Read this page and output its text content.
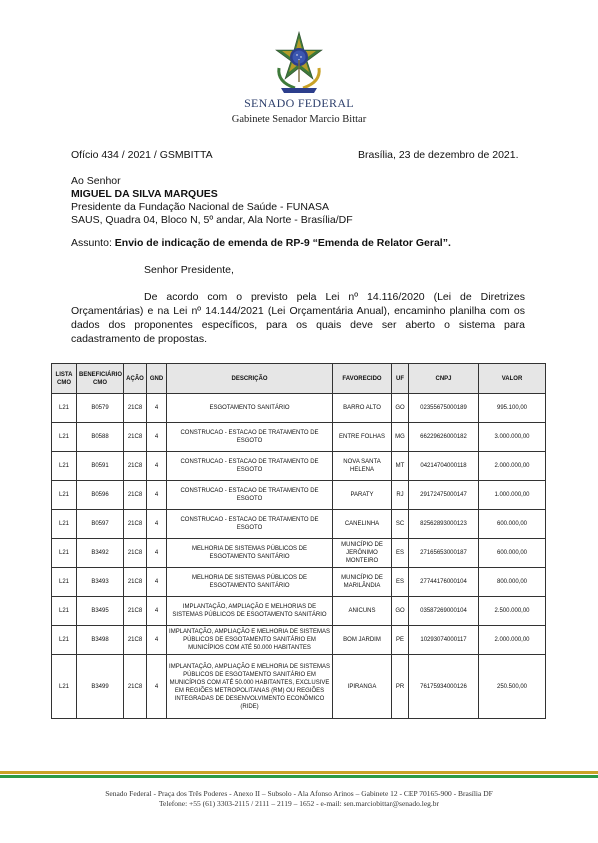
SENADO FEDERAL
Gabinete Senador Marcio Bittar
Ofício 434 / 2021 / GSMBITTA	Brasília, 23 de dezembro de 2021.
Ao Senhor
MIGUEL DA SILVA MARQUES
Presidente da Fundação Nacional de Saúde - FUNASA
SAUS, Quadra 04, Bloco N, 5º andar, Ala Norte - Brasília/DF
Assunto: Envio de indicação de emenda de RP-9 “Emenda de Relator Geral”.
Senhor Presidente,
De acordo com o previsto pela Lei nº 14.116/2020 (Lei de Diretrizes Orçamentárias) e na Lei nº 14.144/2021 (Lei Orçamentária Anual), encaminho planilha com os dados dos proponentes específicos, para os quais deve ser aberto o sistema para cadastramento de propostas.
LISTA CMO	BENEFICIÁRIO CMO	AÇÃO	GND	DESCRIÇÃO	FAVORECIDO	UF	CNPJ	VALOR
L21	B0579	21C8	4	ESGOTAMENTO SANITÁRIO	BARRO ALTO	GO	02355675000189	995.100,00
L21	B0588	21C8	4	CONSTRUCAO - ESTACAO DE TRATAMENTO DE ESGOTO	ENTRE FOLHAS	MG	66229626000182	3.000.000,00
L21	B0591	21C8	4	CONSTRUCAO - ESTACAO DE TRATAMENTO DE ESGOTO	NOVA SANTA HELENA	MT	04214704000118	2.000.000,00
L21	B0596	21C8	4	CONSTRUCAO - ESTACAO DE TRATAMENTO DE ESGOTO	PARATY	RJ	29172475000147	1.000.000,00
L21	B0597	21C8	4	CONSTRUCAO - ESTACAO DE TRATAMENTO DE ESGOTO	CANELINHA	SC	82562893000123	600.000,00
L21	B3492	21C8	4	MELHORIA DE SISTEMAS PÚBLICOS DE ESGOTAMENTO SANITÁRIO	MUNICÍPIO DE JERÔNIMO MONTEIRO	ES	27165653000187	600.000,00
L21	B3493	21C8	4	MELHORIA DE SISTEMAS PÚBLICOS DE ESGOTAMENTO SANITÁRIO	MUNICÍPIO DE MARILÂNDIA	ES	27744176000104	800.000,00
L21	B3495	21C8	4	IMPLANTAÇÃO, AMPLIAÇÃO E MELHORIAS DE SISTEMAS PÚBLICOS DE ESGOTAMENTO SANITÁRIO	ANICUNS	GO	03587269000104	2.500.000,00
L21	B3498	21C8	4	IMPLANTAÇÃO, AMPLIAÇÃO E MELHORIA DE SISTEMAS PÚBLICOS DE ESGOTAMENTO SANITÁRIO EM MUNICÍPIOS COM ATÉ 50.000 HABITANTES	BOM JARDIM	PE	10293074000117	2.000.000,00
L21	B3499	21C8	4	IMPLANTAÇÃO, AMPLIAÇÃO E MELHORIA DE SISTEMAS PÚBLICOS DE ESGOTAMENTO SANITÁRIO EM MUNICÍPIOS COM ATÉ 50.000 HABITANTES, EXCLUSIVE EM REGIÕES METROPOLITANAS (RM) OU REGIÕES INTEGRADAS DE DESENVOLVIMENTO ECONÔMICO (RIDE)	IPIRANGA	PR	76175934000126	250.500,00
Senado Federal - Praça dos Três Poderes - Anexo II – Subsolo - Ala Afonso Arinos – Gabinete 12 - CEP 70165-900 - Brasília DF
Telefone: +55 (61) 3303-2115 / 2111 – 2119 – 1652 - e-mail: sen.marciobittar@senado.leg.br
